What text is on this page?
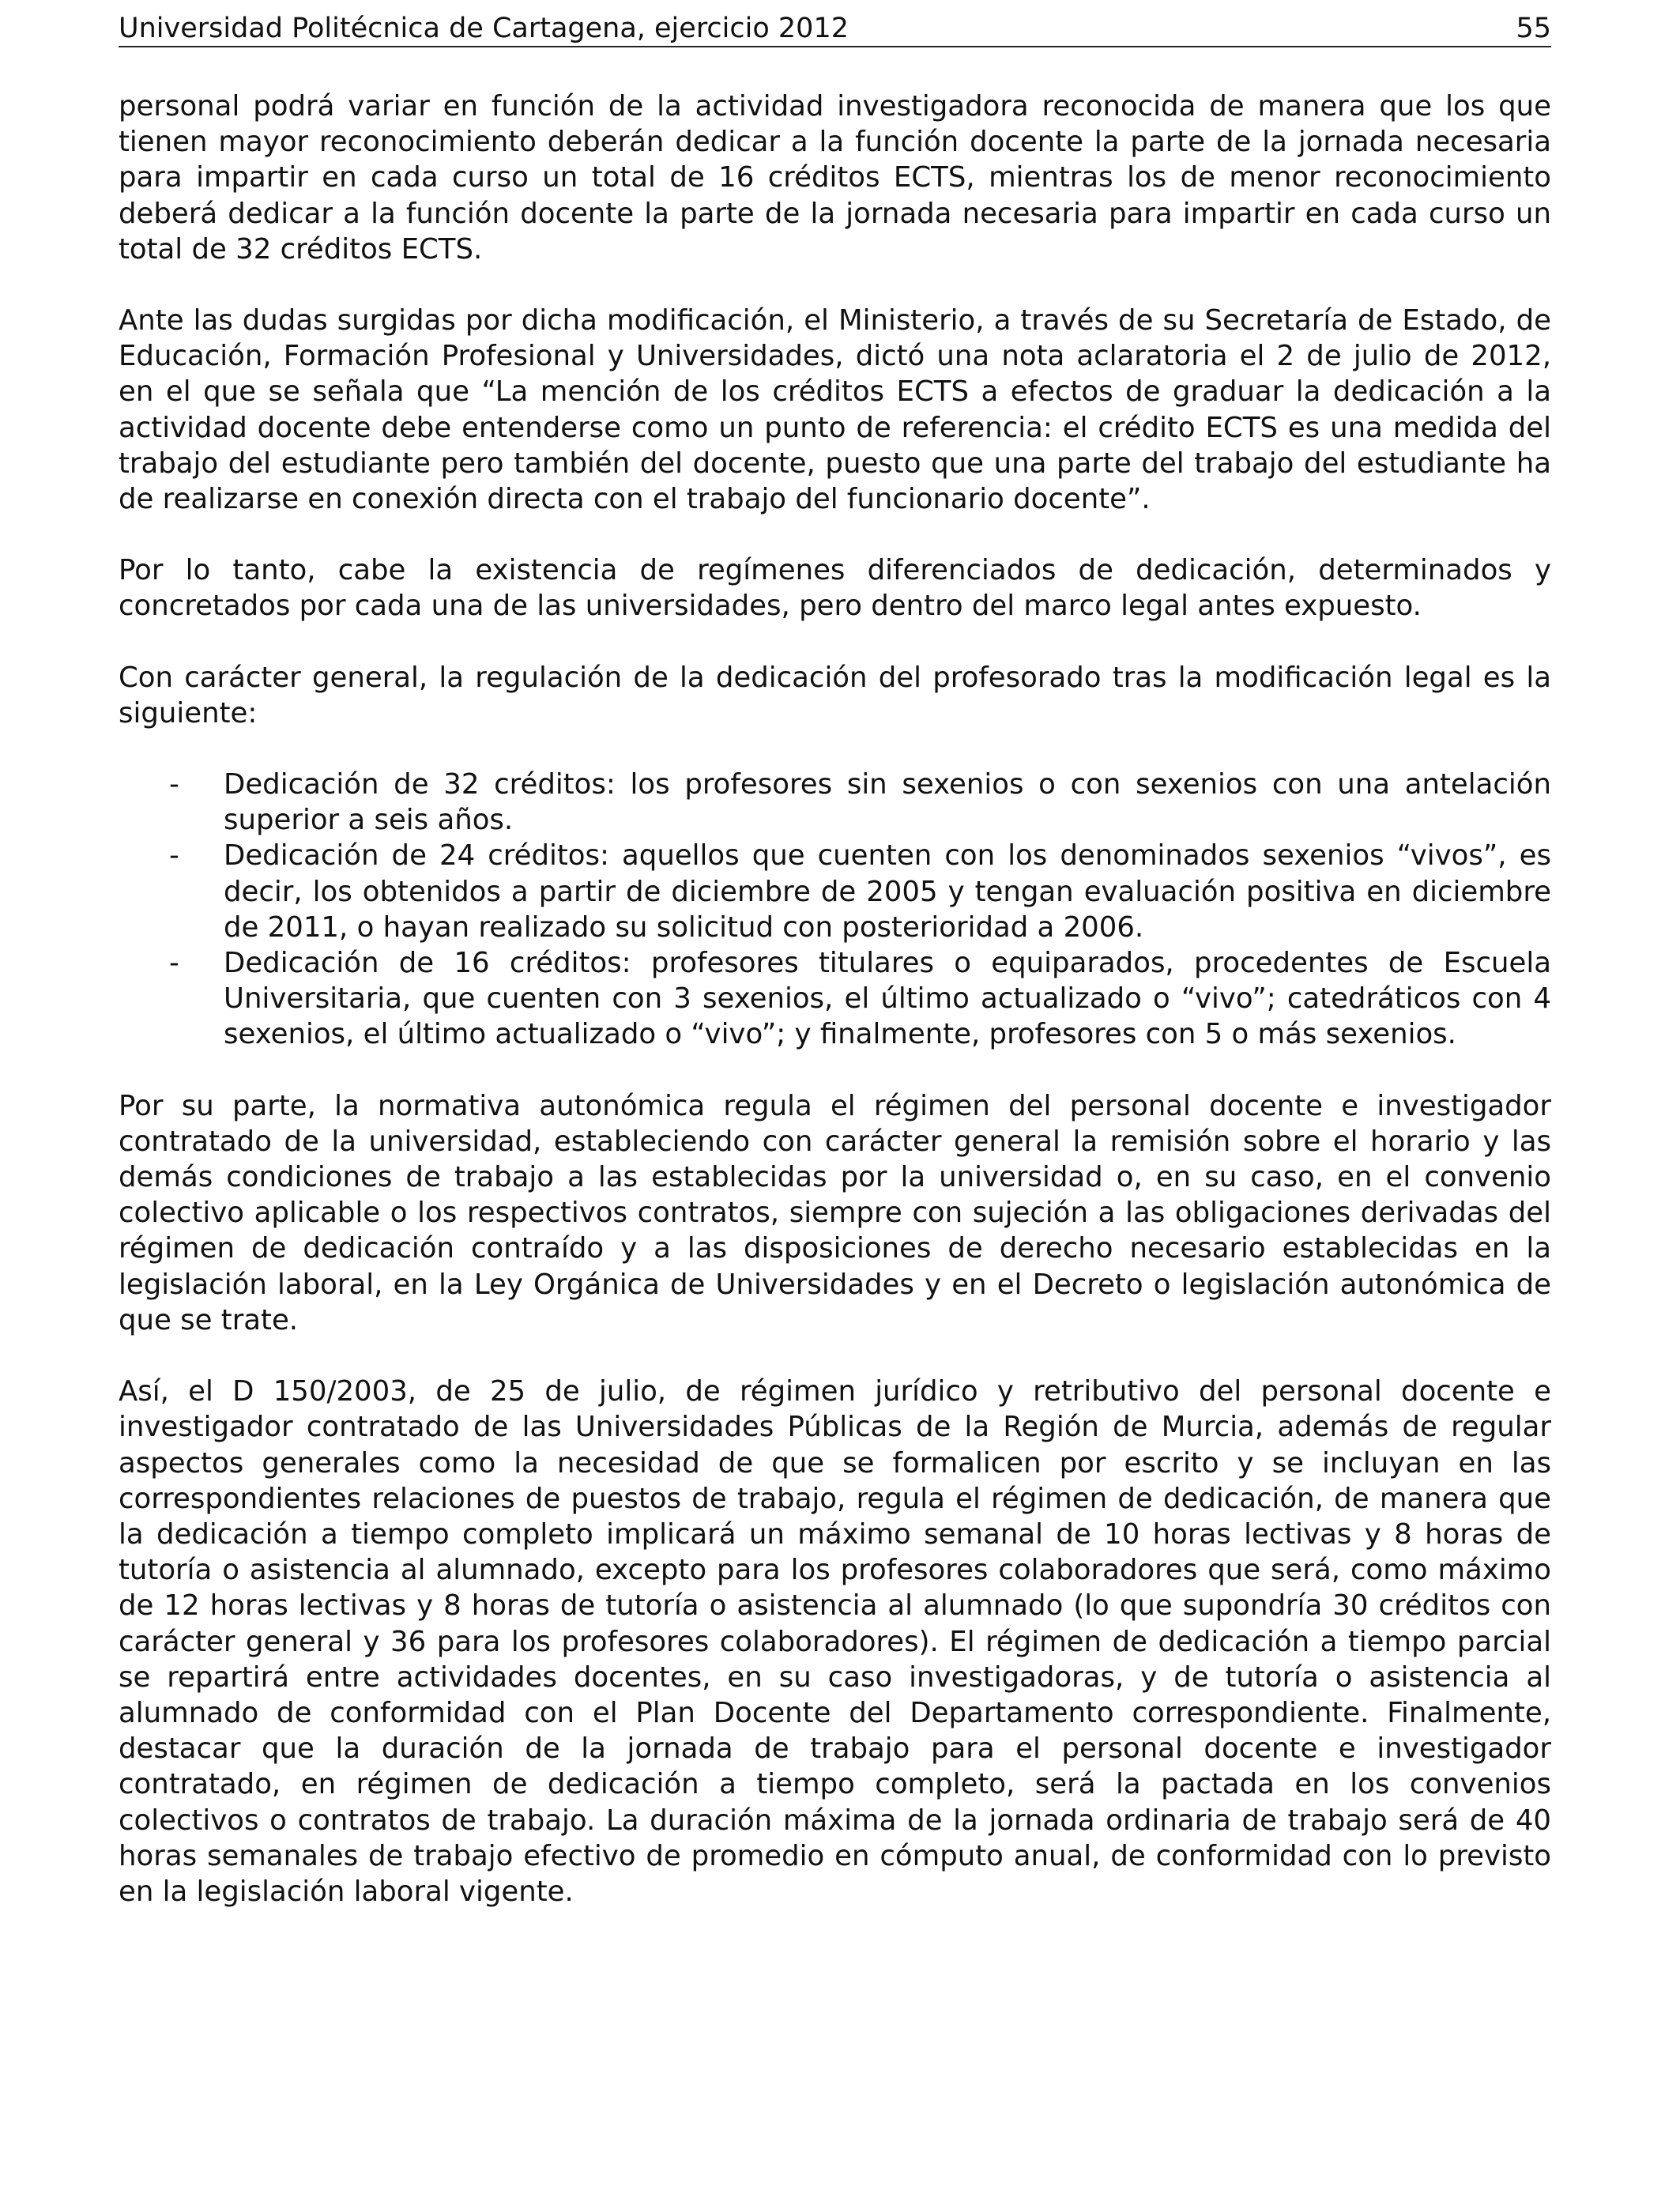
Universidad Politécnica de Cartagena, ejercicio 2012	55

personal podrá variar en función de la actividad investigadora reconocida de manera que los que tienen mayor reconocimiento deberán dedicar a la función docente la parte de la jornada necesaria para impartir en cada curso un total de 16 créditos ECTS, mientras los de menor reconocimiento deberá dedicar a la función docente la parte de la jornada necesaria para impartir en cada curso un total de 32 créditos ECTS.

Ante las dudas surgidas por dicha modificación, el Ministerio, a través de su Secretaría de Estado, de Educación, Formación Profesional y Universidades, dictó una nota aclaratoria el 2 de julio de 2012, en el que se señala que “La mención de los créditos ECTS a efectos de graduar la dedicación a la actividad docente debe entenderse como un punto de referencia: el crédito ECTS es una medida del trabajo del estudiante pero también del docente, puesto que una parte del trabajo del estudiante ha de realizarse en conexión directa con el trabajo del funcionario docente”.

Por lo tanto, cabe la existencia de regímenes diferenciados de dedicación, determinados y concretados por cada una de las universidades, pero dentro del marco legal antes expuesto.

Con carácter general, la regulación de la dedicación del profesorado tras la modificación legal es la siguiente:

- Dedicación de 32 créditos: los profesores sin sexenios o con sexenios con una antelación superior a seis años.
- Dedicación de 24 créditos: aquellos que cuenten con los denominados sexenios “vivos”, es decir, los obtenidos a partir de diciembre de 2005 y tengan evaluación positiva en diciembre de 2011, o hayan realizado su solicitud con posterioridad a 2006.
- Dedicación de 16 créditos: profesores titulares o equiparados, procedentes de Escuela Universitaria, que cuenten con 3 sexenios, el último actualizado o “vivo”; catedráticos con 4 sexenios, el último actualizado o “vivo”; y finalmente, profesores con 5 o más sexenios.

Por su parte, la normativa autonómica regula el régimen del personal docente e investigador contratado de la universidad, estableciendo con carácter general la remisión sobre el horario y las demás condiciones de trabajo a las establecidas por la universidad o, en su caso, en el convenio colectivo aplicable o los respectivos contratos, siempre con sujeción a las obligaciones derivadas del régimen de dedicación contraído y a las disposiciones de derecho necesario establecidas en la legislación laboral, en la Ley Orgánica de Universidades y en el Decreto o legislación autonómica de que se trate.

Así, el D 150/2003, de 25 de julio, de régimen jurídico y retributivo del personal docente e investigador contratado de las Universidades Públicas de la Región de Murcia, además de regular aspectos generales como la necesidad de que se formalicen por escrito y se incluyan en las correspondientes relaciones de puestos de trabajo, regula el régimen de dedicación, de manera que la dedicación a tiempo completo implicará un máximo semanal de 10 horas lectivas y 8 horas de tutoría o asistencia al alumnado, excepto para los profesores colaboradores que será, como máximo de 12 horas lectivas y 8 horas de tutoría o asistencia al alumnado (lo que supondría 30 créditos con carácter general y 36 para los profesores colaboradores). El régimen de dedicación a tiempo parcial se repartirá entre actividades docentes, en su caso investigadoras, y de tutoría o asistencia al alumnado de conformidad con el Plan Docente del Departamento correspondiente. Finalmente, destacar que la duración de la jornada de trabajo para el personal docente e investigador contratado, en régimen de dedicación a tiempo completo, será la pactada en los convenios colectivos o contratos de trabajo. La duración máxima de la jornada ordinaria de trabajo será de 40 horas semanales de trabajo efectivo de promedio en cómputo anual, de conformidad con lo previsto en la legislación laboral vigente.
